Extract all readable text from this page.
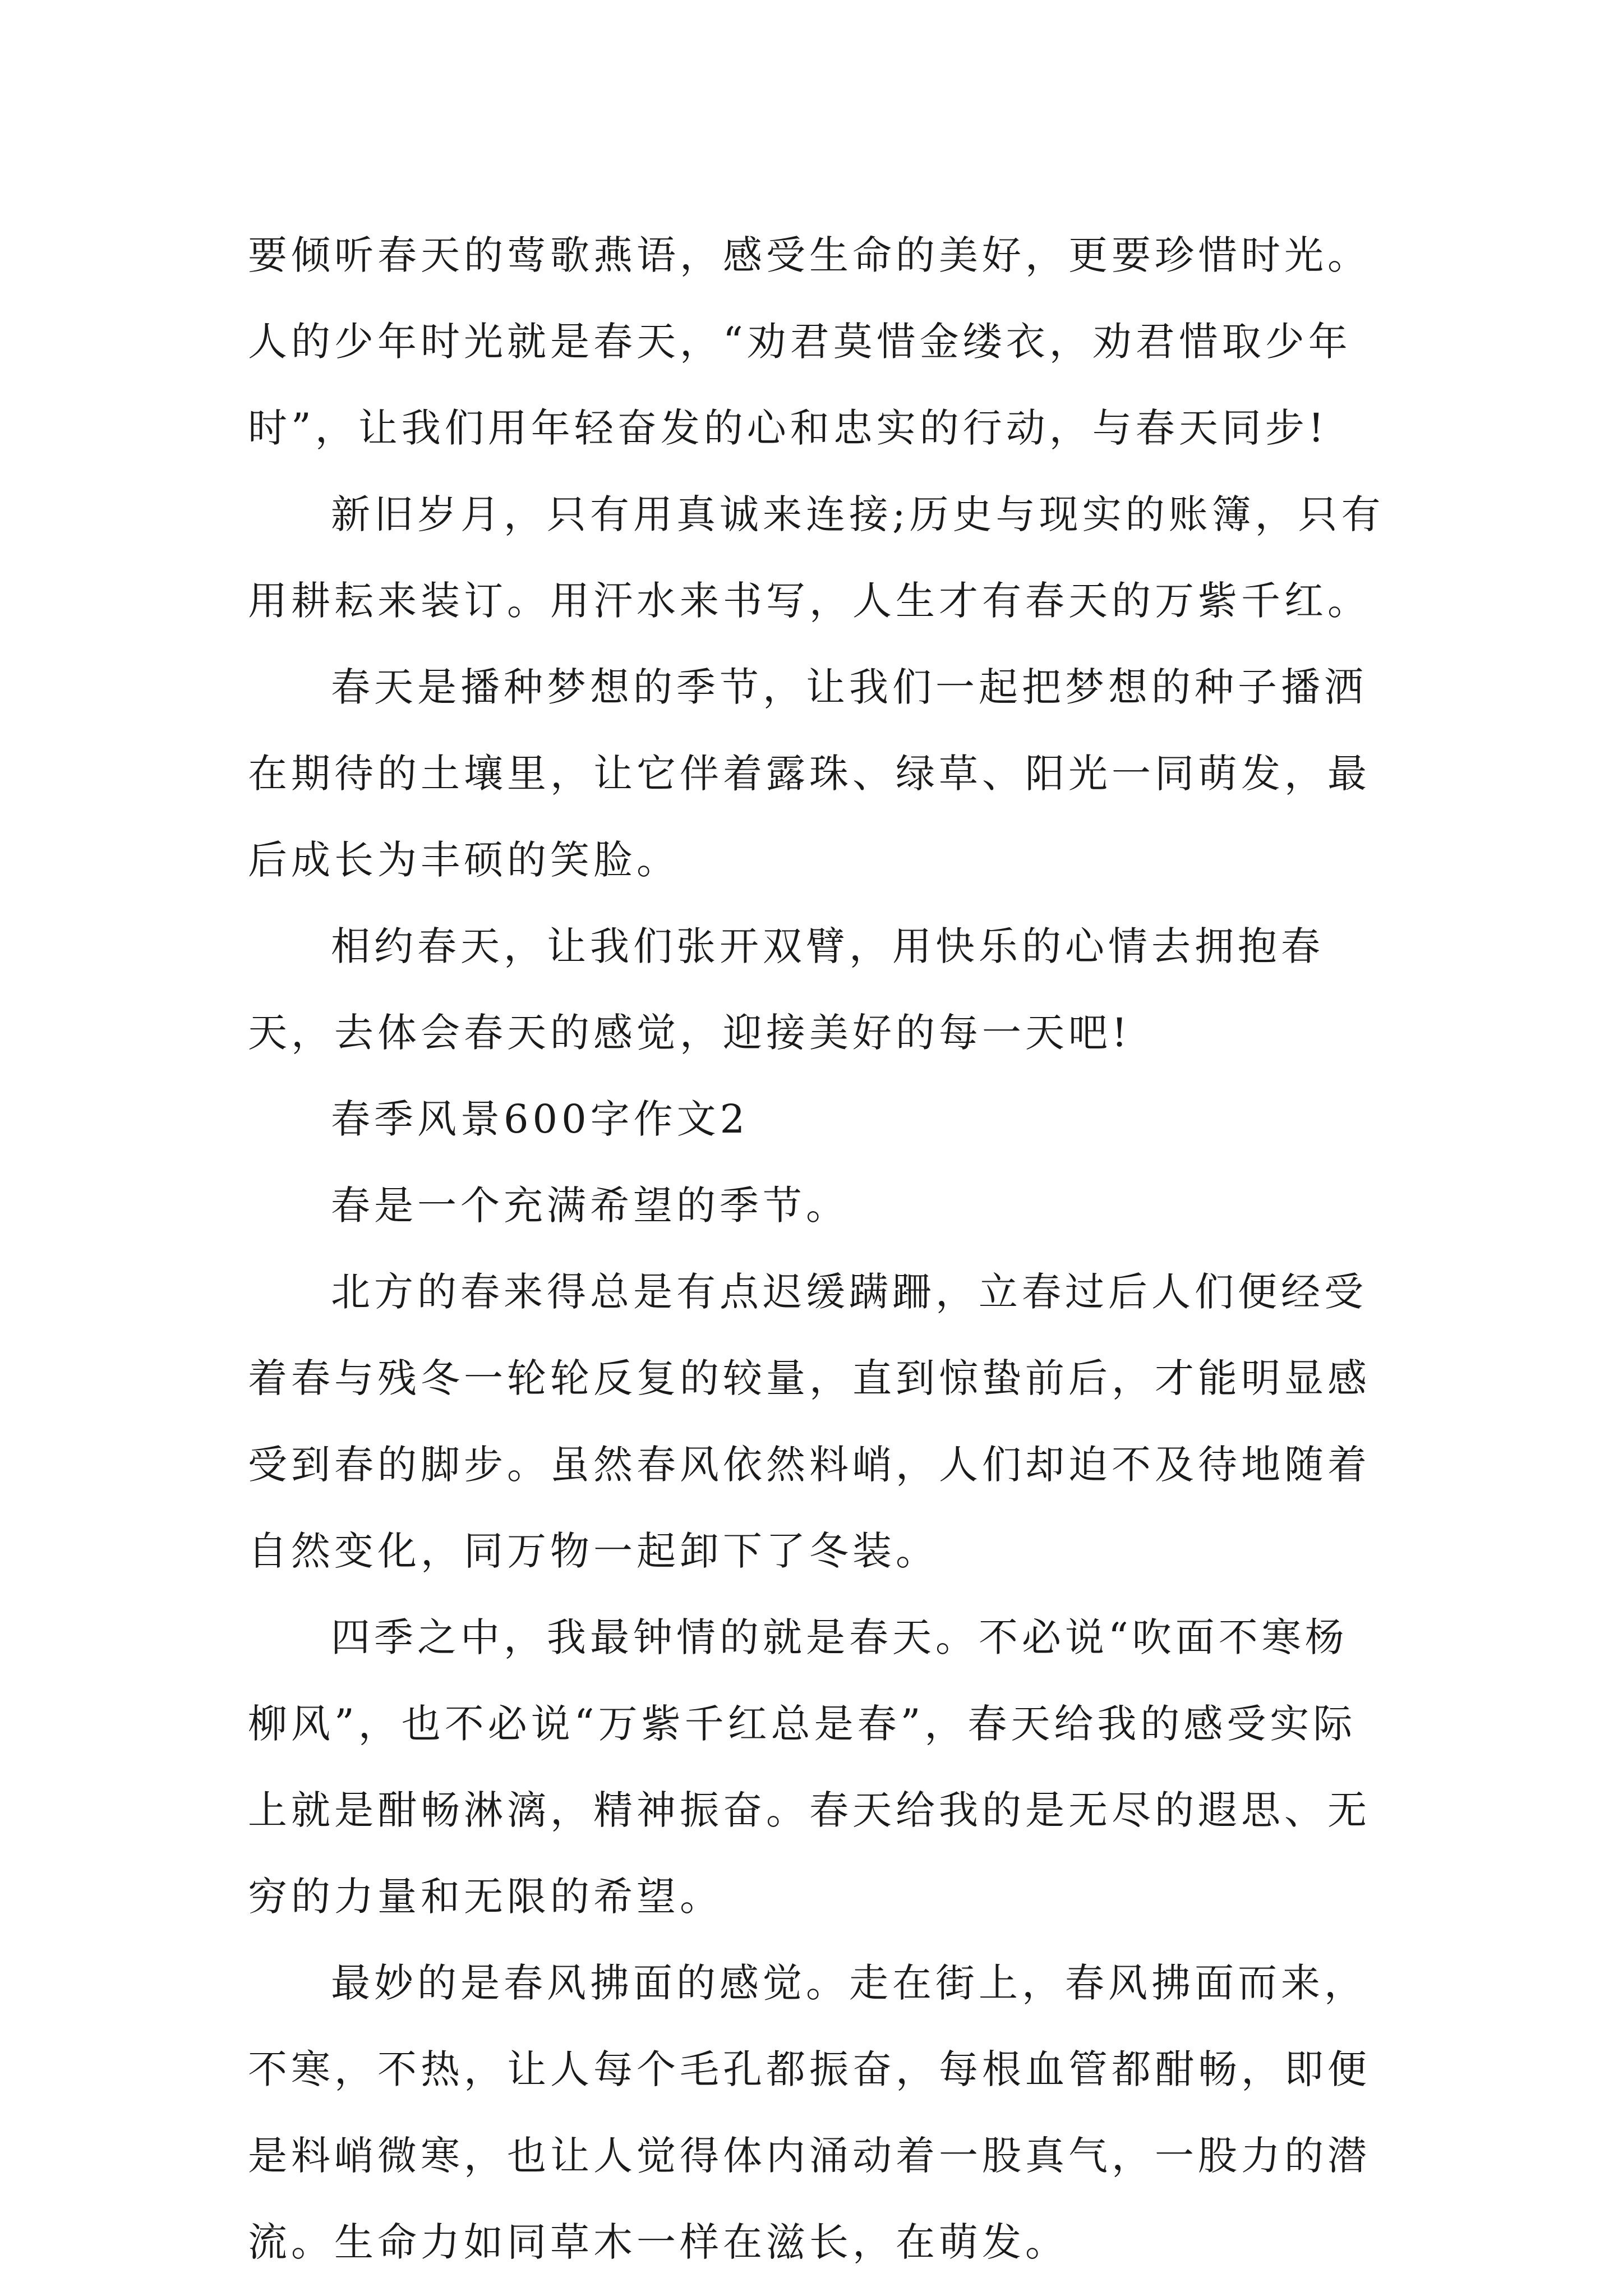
要倾听春天的莺歌燕语，感受生命的美好，更要珍惜时光。人的少年时光就是春天，“劝君莫惜金缕衣，劝君惜取少年时”，让我们用年轻奋发的心和忠实的行动，与春天同步!

新旧岁月，只有用真诚来连接;历史与现实的账簿，只有用耕耘来装订。用汗水来书写，人生才有春天的万紫千红。

春天是播种梦想的季节，让我们一起把梦想的种子播洒在期待的土壤里，让它伴着露珠、绿草、阳光一同萌发，最后成长为丰硕的笑脸。

相约春天，让我们张开双臂，用快乐的心情去拥抱春天，去体会春天的感觉，迎接美好的每一天吧!

春季风景600字作文2

春是一个充满希望的季节。

北方的春来得总是有点迟缓蹒跚，立春过后人们便经受着春与残冬一轮轮反复的较量，直到惊蛰前后，才能明显感受到春的脚步。虽然春风依然料峭，人们却迫不及待地随着自然变化，同万物一起卸下了冬装。

四季之中，我最钟情的就是春天。不必说“吹面不寒杨柳风”，也不必说“万紫千红总是春”，春天给我的感受实际上就是酣畅淋漓，精神振奋。春天给我的是无尽的遐思、无穷的力量和无限的希望。

最妙的是春风拂面的感觉。走在街上，春风拂面而来，不寒，不热，让人每个毛孔都振奋，每根血管都酣畅，即便是料峭微寒，也让人觉得体内涌动着一股真气，一股力的潜流。生命力如同草木一样在滋长，在萌发。
